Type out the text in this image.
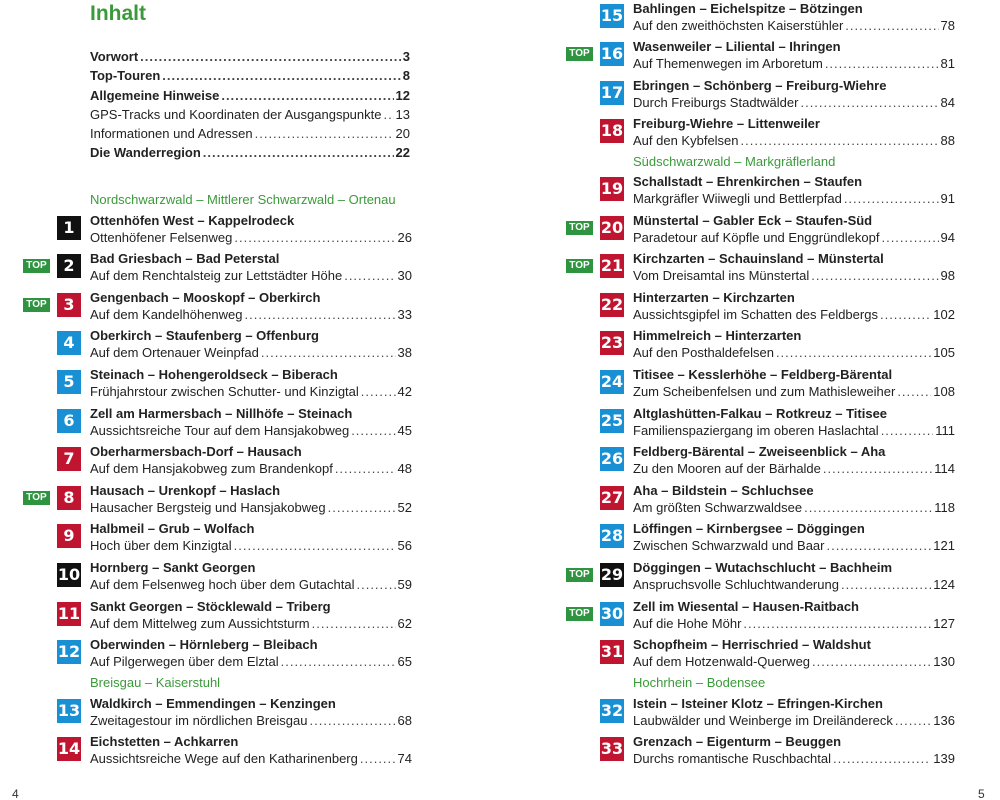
Inhalt
Vorwort .....	3
Top-Touren .....	8
Allgemeine Hinweise .....	12
GPS-Tracks und Koordinaten der Ausgangspunkte ..... 13
Informationen und Adressen .....	20
Die Wanderregion .....	22
Nordschwarzwald – Mittlerer Schwarzwald – Ortenau
Breisgau – Kaiserstuhl
4
1	Ottenhöfen West – Kappelrodeck
Ottenhöfener Felsenweg .....	26
TOP	2	Bad Griesbach – Bad Peterstal
Auf dem Renchtalsteig zur Lettstädter Höhe .....	30
TOP	3	Gengenbach – Mooskopf – Oberkirch
Auf dem Kandelhöhenweg .....	33
4	Oberkirch – Staufenberg – Offenburg
Auf dem Ortenauer Weinpfad .....	38
5	Steinach – Hohengeroldseck – Biberach
Frühjahrstour zwischen Schutter- und Kinzigtal .....	42
6	Zell am Harmersbach – Nillhöfe – Steinach
Aussichtsreiche Tour auf dem Hansjakobweg .....	45
7	Oberharmersbach-Dorf – Hausach
Auf dem Hansjakobweg zum Brandenkopf .....	48
TOP	8	Hausach – Urenkopf – Haslach
Hausacher Bergsteig und Hansjakobweg .....	52
9	Halbmeil – Grub – Wolfach
Hoch über dem Kinzigtal .....	56
10 Hornberg – Sankt Georgen
Auf dem Felsenweg hoch über dem Gutachtal .....	59
11 Sankt Georgen – Stöcklewald – Triberg
Auf dem Mittelweg zum Aussichtsturm .....	62
12 Oberwinden – Hörnleberg – Bleibach
Auf Pilgerwegen über dem Elztal .....	65
13 Waldkirch – Emmendingen – Kenzingen
Zweitagestour im nördlichen Breisgau .....	68
14 Eichstetten – Achkarren
Aussichtsreiche Wege auf den Katharinenberg .....	74
Südschwarzwald – Markgräflerland
Hochrhein – Bodensee
5
15 Bahlingen – Eichelspitze – Bötzingen
Auf den zweithöchsten Kaiserstühler .....	78
TOP 16 Wasenweiler – Liliental – Ihringen
Auf Themenwegen im Arboretum .....	81
17 Ebringen – Schönberg – Freiburg-Wiehre
Durch Freiburgs Stadtwälder .....	84
18 Freiburg-Wiehre – Littenweiler
Auf den Kybfelsen .....	88
19 Schallstadt – Ehrenkirchen – Staufen
Markgräfler Wiiwegli und Bettlerpfad .....	91
TOP 20 Münstertal – Gabler Eck – Staufen-Süd
Paradetour auf Köpfle und Enggründlekopf .....	94
TOP 21 Kirchzarten – Schauinsland – Münstertal
Vom Dreisamtal ins Münstertal .....	98
22 Hinterzarten – Kirchzarten
Aussichtsgipfel im Schatten des Feldbergs .....	102
23 Himmelreich – Hinterzarten
Auf den Posthaldefelsen .....	105
24 Titisee – Kesslerhöhe – Feldberg-Bärental
Zum Scheibenfelsen und zum Mathisleweiher .....	108
25 Altglashütten-Falkau – Rotkreuz – Titisee
Familienspaziergang im oberen Haslachtal .....	111
26 Feldberg-Bärental – Zweiseenblick – Aha
Zu den Mooren auf der Bärhalde .....	114
27 Aha – Bildstein – Schluchsee
Am größten Schwarzwaldsee .....	118
28 Löffingen – Kirnbergsee – Döggingen
Zwischen Schwarzwald und Baar .....	121
TOP 29 Döggingen – Wutachschlucht – Bachheim
Anspruchsvolle Schluchtwanderung .....	124
TOP 30 Zell im Wiesental – Hausen-Raitbach
Auf die Hohe Möhr .....	127
31 Schopfheim – Herrischried – Waldshut
Auf dem Hotzenwald-Querweg .....	130
32 Istein – Isteiner Klotz – Efringen-Kirchen
Laubwälder und Weinberge im Dreiländereck .....	136
33 Grenzach – Eigenturm – Beuggen
Durchs romantische Ruschbachtal .....	139
